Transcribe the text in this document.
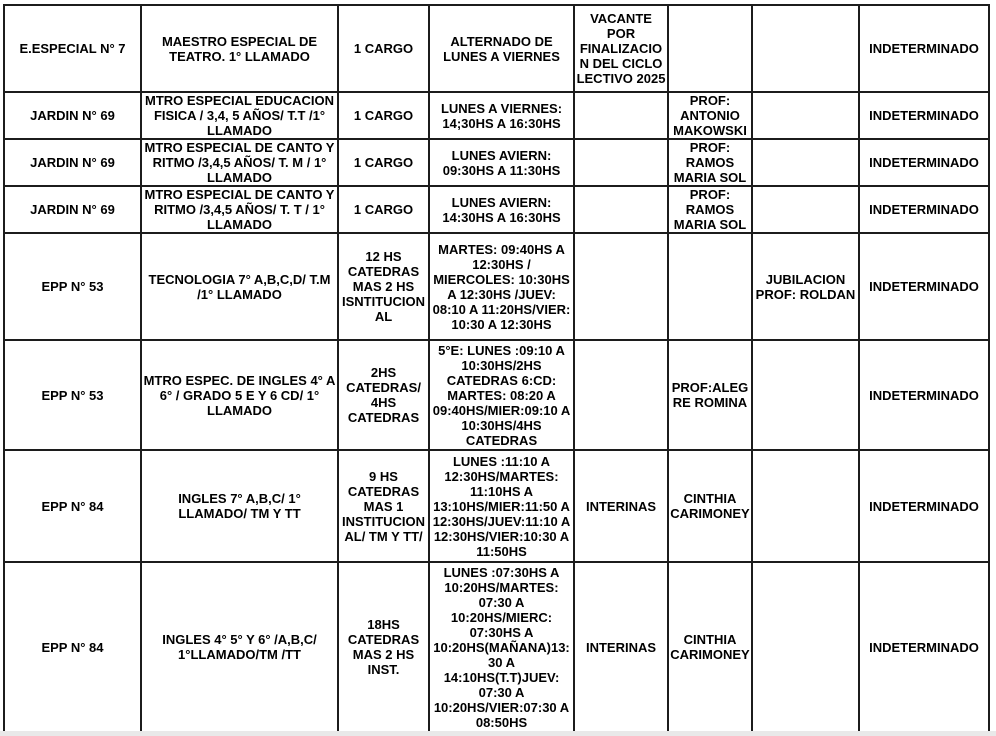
E.ESPECIAL N° 7	MAESTRO ESPECIAL DE TEATRO. 1° LLAMADO	1 CARGO	ALTERNADO DE LUNES A VIERNES	VACANTE POR FINALIZACION DEL CICLO LECTIVO 2025			INDETERMINADO
JARDIN N° 69	MTRO ESPECIAL EDUCACION FISICA / 3,4, 5 AÑOS/ T.T /1° LLAMADO	1 CARGO	LUNES A VIERNES: 14;30HS A 16:30HS		PROF: ANTONIO MAKOWSKI		INDETERMINADO
JARDIN N° 69	MTRO ESPECIAL DE CANTO Y RITMO /3,4,5 AÑOS/ T. M / 1° LLAMADO	1 CARGO	LUNES AVIERN: 09:30HS A 11:30HS		PROF: RAMOS MARIA SOL		INDETERMINADO
JARDIN N° 69	MTRO ESPECIAL DE CANTO Y RITMO /3,4,5 AÑOS/ T. T / 1° LLAMADO	1 CARGO	LUNES AVIERN: 14:30HS A 16:30HS		PROF: RAMOS MARIA SOL		INDETERMINADO
EPP N° 53	TECNOLOGIA 7° A,B,C,D/ T.M /1° LLAMADO	12 HS CATEDRAS MAS 2 HS ISNTITUCIONAL	MARTES: 09:40HS A 12:30HS / MIERCOLES: 10:30HS A 12:30HS /JUEV: 08:10 A 11:20HS/VIER: 10:30 A 12:30HS			JUBILACION PROF: ROLDAN	INDETERMINADO
EPP N° 53	MTRO ESPEC. DE INGLES 4° A 6° / GRADO 5 E Y 6 CD/ 1° LLAMADO	2HS CATEDRAS/ 4HS CATEDRAS	5°E: LUNES :09:10 A 10:30HS/2HS CATEDRAS 6:CD: MARTES: 08:20 A 09:40HS/MIER:09:10 A 10:30HS/4HS CATEDRAS		PROF:ALEGRE ROMINA		INDETERMINADO
EPP N° 84	INGLES 7° A,B,C/ 1° LLAMADO/ TM Y TT	9 HS CATEDRAS MAS 1 INSTITUCIONAL/ TM Y TT/	LUNES :11:10 A 12:30HS/MARTES: 11:10HS A 13:10HS/MIER:11:50 A 12:30HS/JUEV:11:10 A 12:30HS/VIER:10:30 A 11:50HS	INTERINAS	CINTHIA CARIMONEY		INDETERMINADO
EPP N° 84	INGLES 4° 5° Y 6° /A,B,C/ 1°LLAMADO/TM /TT	18HS CATEDRAS MAS 2 HS INST.	LUNES :07:30HS A 10:20HS/MARTES: 07:30 A 10:20HS/MIERC: 07:30HS A 10:20HS(MAÑANA)13:30 A 14:10HS(T.T)JUEV: 07:30 A 10:20HS/VIER:07:30 A 08:50HS	INTERINAS	CINTHIA CARIMONEY		INDETERMINADO
